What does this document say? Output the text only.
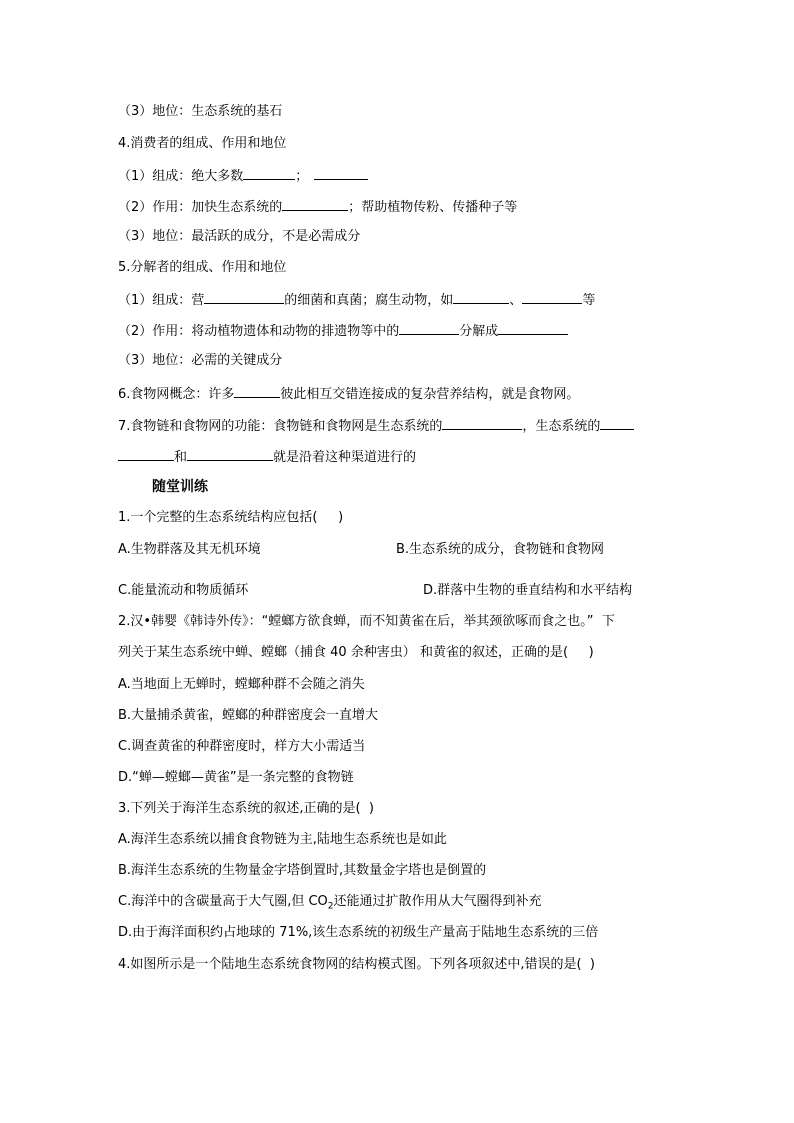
（3）地位：生态系统的基石
4.消费者的组成、作用和地位
（1）组成：绝大多数	；
（2）作用：加快生态系统的	；帮助植物传粉、传播种子等
（3）地位：最活跃的成分，不是必需成分
5.分解者的组成、作用和地位
（1）组成：营	的细菌和真菌；腐生动物，如	、	等
（2）作用：将动植物遗体和动物的排遗物等中的	分解成
（3）地位：必需的关键成分
6.食物网概念：许多	彼此相互交错连接成的复杂营养结构，就是食物网。
7.食物链和食物网的功能：食物链和食物网是生态系统的	，生态系统的
和	就是沿着这种渠道进行的
随堂训练
1.一个完整的生态系统结构应包括(     )
A.生物群落及其无机环境	B.生态系统的成分，食物链和食物网
C.能量流动和物质循环	D.群落中生物的垂直结构和水平结构
2.汉•韩婴《韩诗外传》：“螳螂方欲食蝉，而不知黄雀在后，举其颈欲啄而食之也。”  下
列关于某生态系统中蝉、螳螂（捕食 40 余种害虫） 和黄雀的叙述，正确的是(     )
A.当地面上无蝉时，螳螂种群不会随之消失
B.大量捕杀黄雀，螳螂的种群密度会一直增大
C.调查黄雀的种群密度时，样方大小需适当
D.“蝉—螳螂—黄雀”是一条完整的食物链
3.下列关于海洋生态系统的叙述,正确的是(  )
A.海洋生态系统以捕食食物链为主,陆地生态系统也是如此
B.海洋生态系统的生物量金字塔倒置时,其数量金字塔也是倒置的
C.海洋中的含碳量高于大气圈,但 $CO_2$还能通过扩散作用从大气圈得到补充
D.由于海洋面积约占地球的 71%,该生态系统的初级生产量高于陆地生态系统的三倍
4.如图所示是一个陆地生态系统食物网的结构模式图。下列各项叙述中,错误的是(  )
